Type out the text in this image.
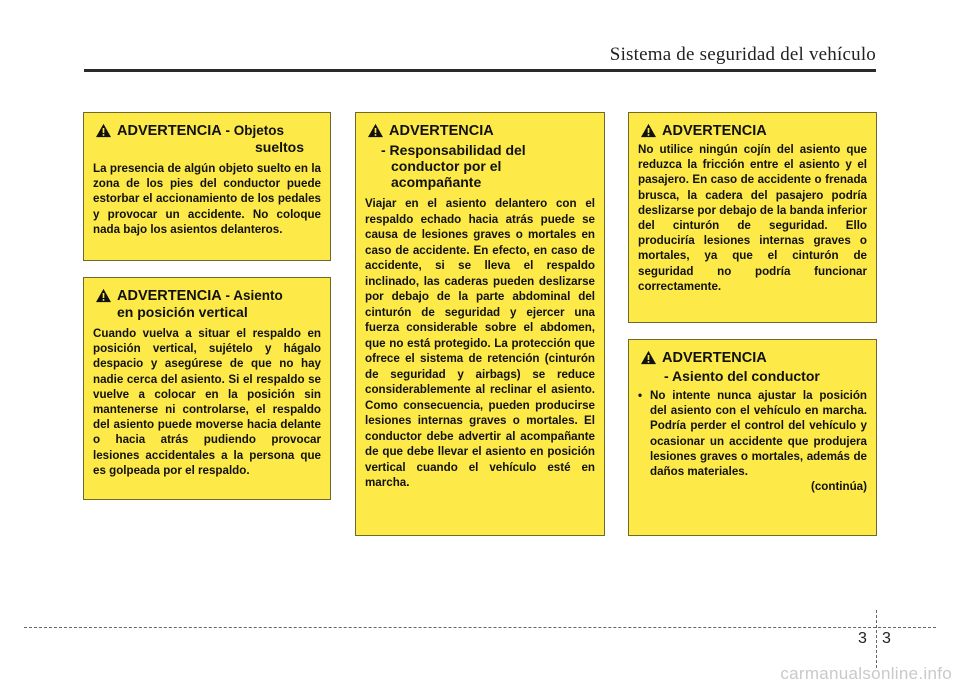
Sistema de seguridad del vehículo
ADVERTENCIA - Objetos
sueltos
La presencia de algún objeto suelto en la zona de los pies del conductor puede estorbar el accionamiento de los pedales y provocar un accidente. No coloque nada bajo los asientos delanteros.
ADVERTENCIA - Asiento
en posición vertical
Cuando vuelva a situar el respaldo en posición vertical, sujételo y hágalo despacio y asegúrese de que no hay nadie cerca del asiento. Si el respaldo se vuelve a colocar en la posición sin mantenerse ni controlarse, el respaldo del asiento puede moverse hacia delante o hacia atrás pudiendo provocar lesiones accidentales a la persona que es golpeada por el respaldo.
ADVERTENCIA
- Responsabilidad del conductor por el acompañante
Viajar en el asiento delantero con el respaldo echado hacia atrás puede se causa de lesiones graves o mortales en caso de accidente. En efecto, en caso de accidente, si se lleva el respaldo inclinado, las caderas pueden deslizarse por debajo de la parte abdominal del cinturón de seguridad y ejercer una fuerza considerable sobre el abdomen, que no está protegido. La protección que ofrece el sistema de retención (cinturón de seguridad y airbags) se reduce considerablemente al reclinar el asiento. Como consecuencia, pueden producirse lesiones internas graves o mortales. El conductor debe advertir al acompañante de que debe llevar el asiento en posición vertical cuando el vehículo esté en marcha.
ADVERTENCIA
No utilice ningún cojín del asiento que reduzca la fricción entre el asiento y el pasajero. En caso de accidente o frenada brusca, la cadera del pasajero podría deslizarse por debajo de la banda inferior del cinturón de seguridad. Ello produciría lesiones internas graves o mortales, ya que el cinturón de seguridad no podría funcionar correctamente.
ADVERTENCIA
- Asiento del conductor
• No intente nunca ajustar la posición del asiento con el vehículo en marcha. Podría perder el control del vehículo y ocasionar un accidente que produjera lesiones graves o mortales, además de daños materiales.
(continúa)
3 3
carmanualsonline.info
